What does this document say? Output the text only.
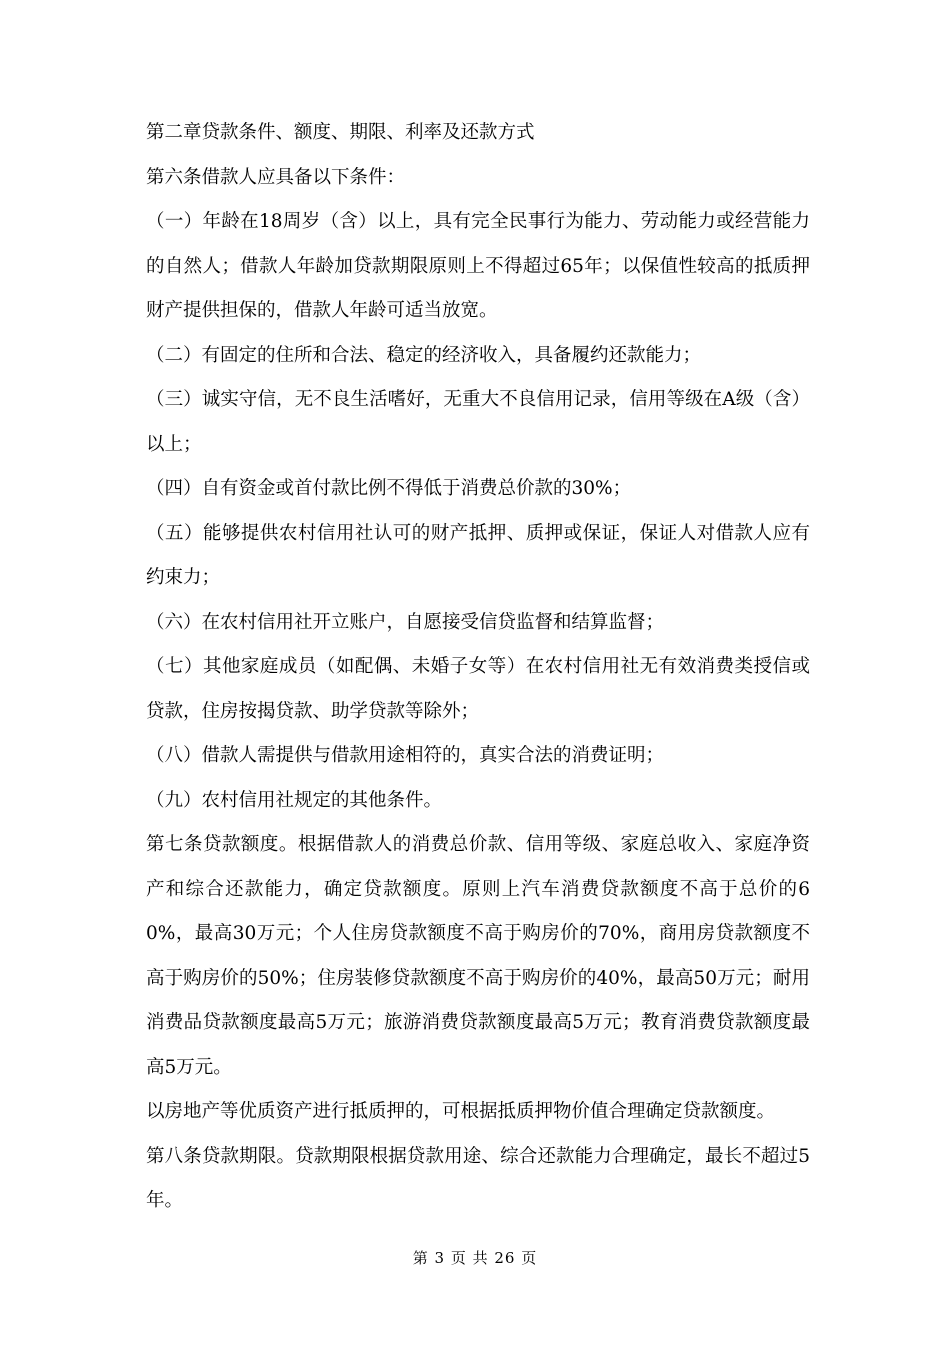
第二章贷款条件、额度、期限、利率及还款方式

第六条借款人应具备以下条件：

（一）年龄在18周岁（含）以上，具有完全民事行为能力、劳动能力或经营能力的自然人；借款人年龄加贷款期限原则上不得超过65年；以保值性较高的抵质押财产提供担保的，借款人年龄可适当放宽。

（二）有固定的住所和合法、稳定的经济收入，具备履约还款能力；

（三）诚实守信，无不良生活嗜好，无重大不良信用记录，信用等级在A级（含）以上；

（四）自有资金或首付款比例不得低于消费总价款的30%；

（五）能够提供农村信用社认可的财产抵押、质押或保证，保证人对借款人应有约束力；

（六）在农村信用社开立账户，自愿接受信贷监督和结算监督；

（七）其他家庭成员（如配偶、未婚子女等）在农村信用社无有效消费类授信或贷款，住房按揭贷款、助学贷款等除外；

（八）借款人需提供与借款用途相符的，真实合法的消费证明；

（九）农村信用社规定的其他条件。

第七条贷款额度。根据借款人的消费总价款、信用等级、家庭总收入、家庭净资产和综合还款能力，确定贷款额度。原则上汽车消费贷款额度不高于总价的60%，最高30万元；个人住房贷款额度不高于购房价的70%，商用房贷款额度不高于购房价的50%；住房装修贷款额度不高于购房价的40%，最高50万元；耐用消费品贷款额度最高5万元；旅游消费贷款额度最高5万元；教育消费贷款额度最高5万元。

以房地产等优质资产进行抵质押的，可根据抵质押物价值合理确定贷款额度。

第八条贷款期限。贷款期限根据贷款用途、综合还款能力合理确定，最长不超过5年。

第 3 页 共 26 页
